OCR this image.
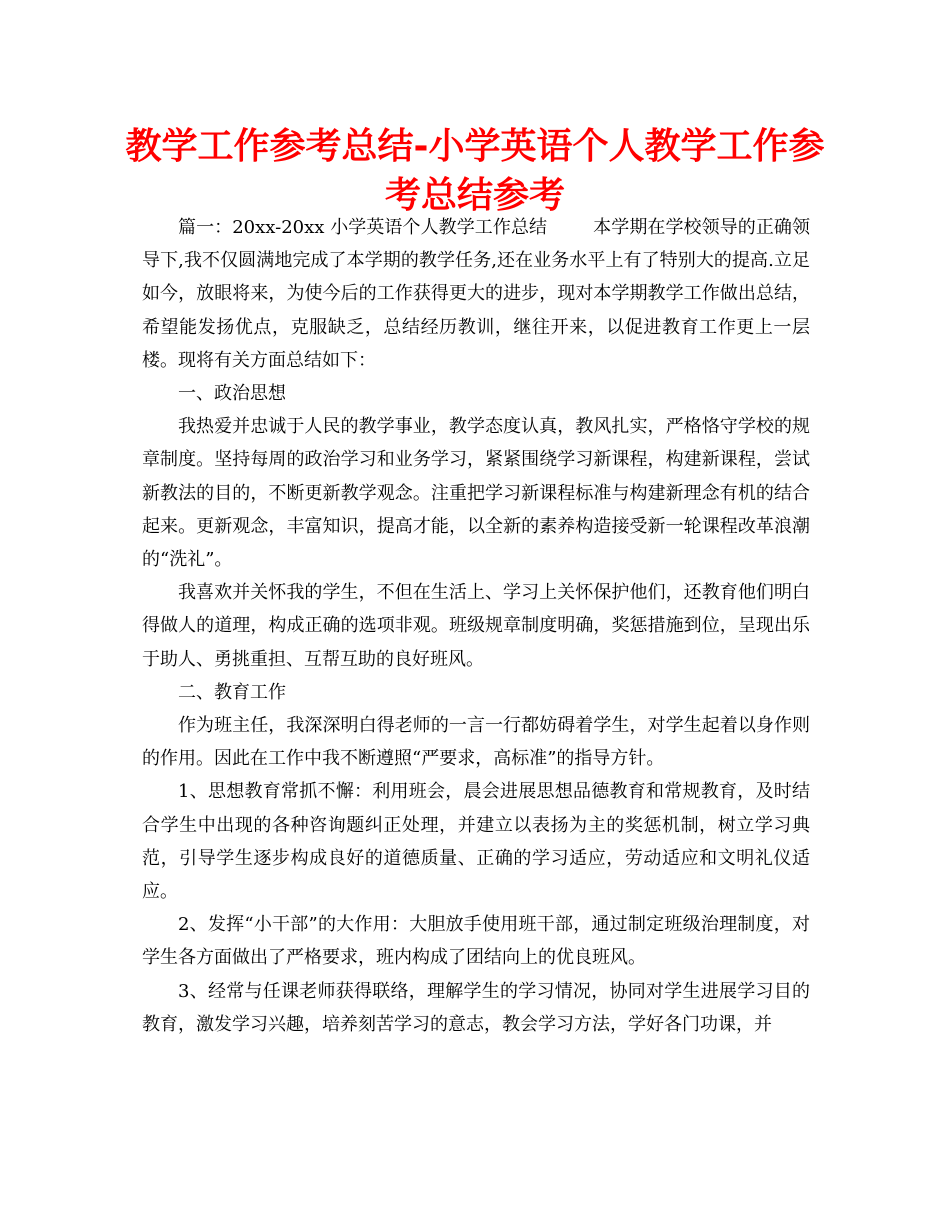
教学工作参考总结-小学英语个人教学工作参考总结参考

篇一：20xx-20xx 小学英语个人教学工作总结	本学期在学校领导的正确领导下,我不仅圆满地完成了本学期的教学任务,还在业务水平上有了特别大的提高.立足如今，放眼将来，为使今后的工作获得更大的进步，现对本学期教学工作做出总结，希望能发扬优点，克服缺乏，总结经历教训，继往开来，以促进教育工作更上一层楼。现将有关方面总结如下：

一、政治思想

我热爱并忠诚于人民的教学事业，教学态度认真，教风扎实，严格恪守学校的规章制度。坚持每周的政治学习和业务学习，紧紧围绕学习新课程，构建新课程，尝试新教法的目的，不断更新教学观念。注重把学习新课程标准与构建新理念有机的结合起来。更新观念，丰富知识，提高才能，以全新的素养构造接受新一轮课程改革浪潮的“洗礼”。

我喜欢并关怀我的学生，不但在生活上、学习上关怀保护他们，还教育他们明白得做人的道理，构成正确的选项非观。班级规章制度明确，奖惩措施到位，呈现出乐于助人、勇挑重担、互帮互助的良好班风。

二、教育工作

作为班主任，我深深明白得老师的一言一行都妨碍着学生，对学生起着以身作则的作用。因此在工作中我不断遵照“严要求，高标准”的指导方针。

1、思想教育常抓不懈：利用班会，晨会进展思想品德教育和常规教育，及时结合学生中出现的各种咨询题纠正处理，并建立以表扬为主的奖惩机制，树立学习典范，引导学生逐步构成良好的道德质量、正确的学习适应，劳动适应和文明礼仪适应。

2、发挥“小干部”的大作用：大胆放手使用班干部，通过制定班级治理制度，对学生各方面做出了严格要求，班内构成了团结向上的优良班风。

3、经常与任课老师获得联络，理解学生的学习情况，协同对学生进展学习目的教育，激发学习兴趣，培养刻苦学习的意志，教会学习方法，学好各门功课，并
